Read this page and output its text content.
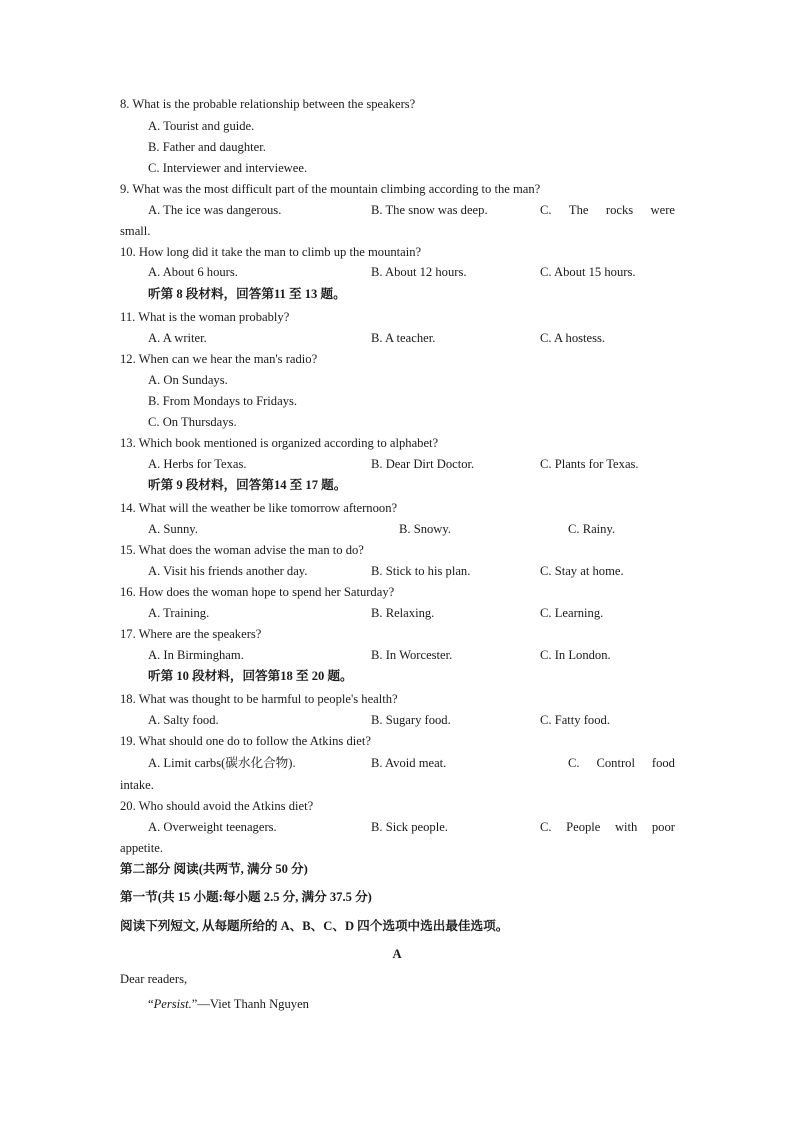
8. What is the probable relationship between the speakers?
A. Tourist and guide.
B. Father and daughter.
C. Interviewer and interviewee.
9. What was the most difficult part of the mountain climbing according to the man?
A. The ice was dangerous.	B. The snow was deep.	C. The rocks were
small.
10. How long did it take the man to climb up the mountain?
A. About 6 hours.	B. About 12 hours.	C. About 15 hours.
听第 8 段材料，回答第11 至 13 题。
11. What is the woman probably?
A. A writer.	B. A teacher.	C. A hostess.
12. When can we hear the man's radio?
A. On Sundays.
B. From Mondays to Fridays.
C. On Thursdays.
13. Which book mentioned is organized according to alphabet?
A. Herbs for Texas.	B. Dear Dirt Doctor.	C. Plants for Texas.
听第 9 段材料，回答第14 至 17 题。
14. What will the weather be like tomorrow afternoon?
A. Sunny.	B. Snowy.	C. Rainy.
15. What does the woman advise the man to do?
A. Visit his friends another day.	B. Stick to his plan.	C. Stay at home.
16. How does the woman hope to spend her Saturday?
A. Training.	B. Relaxing.	C. Learning.
17. Where are the speakers?
A. In Birmingham.	B. In Worcester.	C. In London.
听第 10 段材料，回答第18 至 20 题。
18. What was thought to be harmful to people's health?
A. Salty food.	B. Sugary food.	C. Fatty food.
19. What should one do to follow the Atkins diet?
A. Limit carbs(碳水化合物).	B. Avoid meat.	C. Control food
intake.
20. Who should avoid the Atkins diet?
A. Overweight teenagers.	B. Sick people.	C. People with poor
appetite.
第二部分 阅读(共两节, 满分 50 分)
第一节(共 15 小题:每小题 2.5 分, 满分 37.5 分)
阅读下列短文, 从每题所给的 A、B、C、D 四个选项中选出最佳选项。
A
Dear readers,
“Persist.”—Viet Thanh Nguyen
